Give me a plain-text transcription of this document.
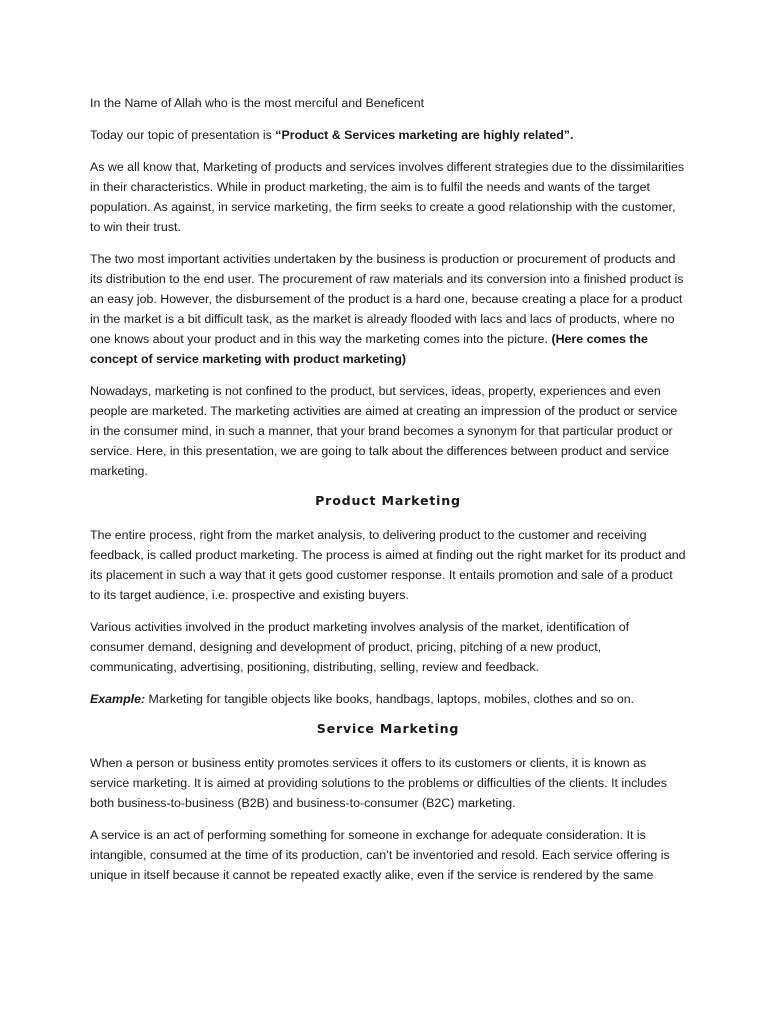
In the Name of Allah who is the most merciful and Beneficent

Today our topic of presentation is “Product & Services marketing are highly related”.

As we all know that, Marketing of products and services involves different strategies due to the dissimilarities in their characteristics. While in product marketing, the aim is to fulfil the needs and wants of the target population. As against, in service marketing, the firm seeks to create a good relationship with the customer, to win their trust.

The two most important activities undertaken by the business is production or procurement of products and its distribution to the end user. The procurement of raw materials and its conversion into a finished product is an easy job. However, the disbursement of the product is a hard one, because creating a place for a product in the market is a bit difficult task, as the market is already flooded with lacs and lacs of products, where no one knows about your product and in this way the marketing comes into the picture. (Here comes the concept of service marketing with product marketing)

Nowadays, marketing is not confined to the product, but services, ideas, property, experiences and even people are marketed. The marketing activities are aimed at creating an impression of the product or service in the consumer mind, in such a manner, that your brand becomes a synonym for that particular product or service. Here, in this presentation, we are going to talk about the differences between product and service marketing.

Product Marketing

The entire process, right from the market analysis, to delivering product to the customer and receiving feedback, is called product marketing. The process is aimed at finding out the right market for its product and its placement in such a way that it gets good customer response. It entails promotion and sale of a product to its target audience, i.e. prospective and existing buyers.

Various activities involved in the product marketing involves analysis of the market, identification of consumer demand, designing and development of product, pricing, pitching of a new product, communicating, advertising, positioning, distributing, selling, review and feedback.

Example: Marketing for tangible objects like books, handbags, laptops, mobiles, clothes and so on.

Service Marketing

When a person or business entity promotes services it offers to its customers or clients, it is known as service marketing. It is aimed at providing solutions to the problems or difficulties of the clients. It includes both business-to-business (B2B) and business-to-consumer (B2C) marketing.

A service is an act of performing something for someone in exchange for adequate consideration. It is intangible, consumed at the time of its production, can’t be inventoried and resold. Each service offering is unique in itself because it cannot be repeated exactly alike, even if the service is rendered by the same
